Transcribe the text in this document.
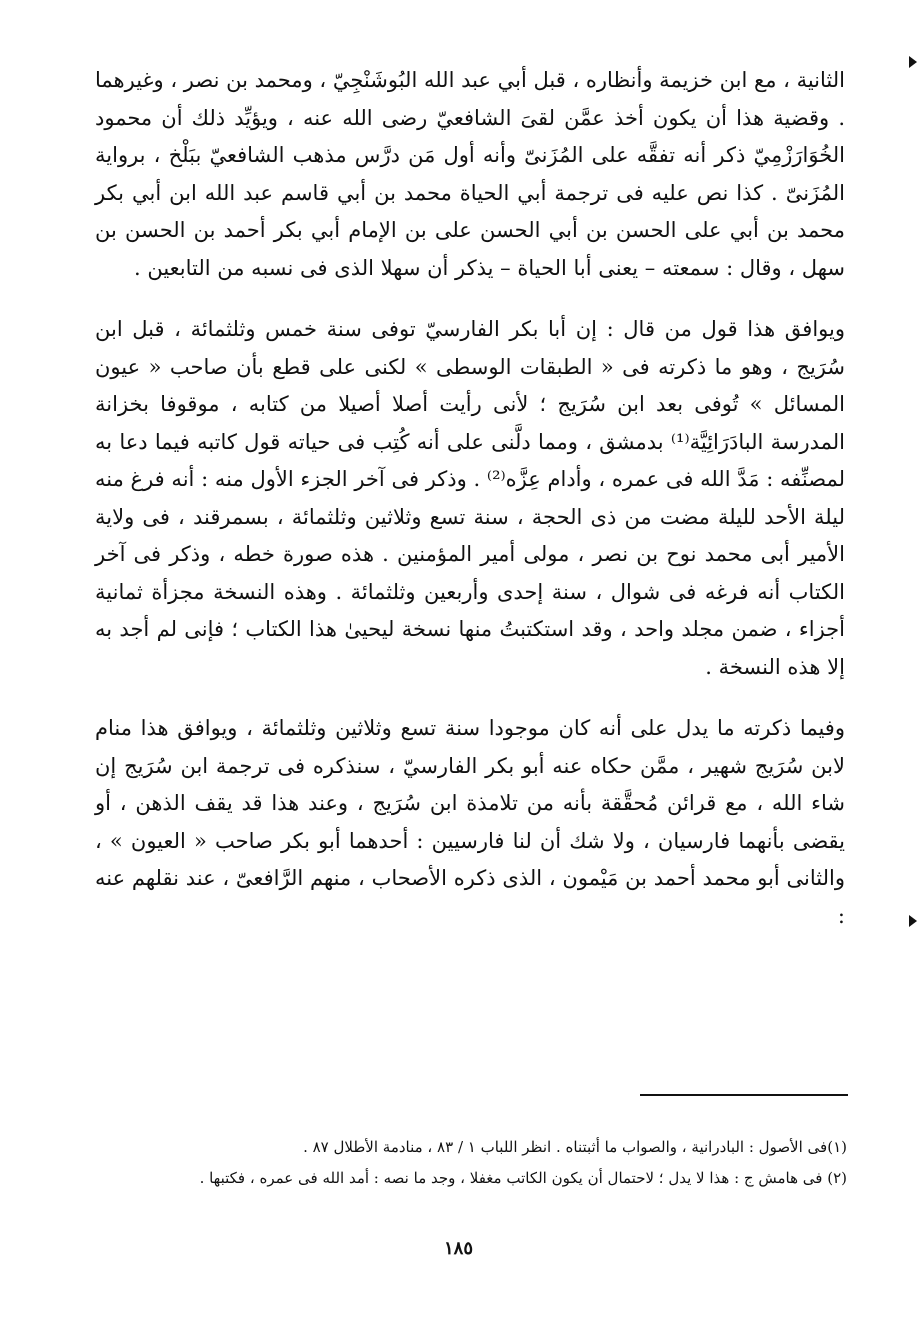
الثانية ، مع ابن خزيمة وأنظاره ، قبل أبي عبد الله البُوشَنْجِيّ ، ومحمد بن نصر ، وغيرهما . وقضية هذا أن يكون أخذ عمَّن لقىَ الشافعيّ رضى الله عنه ، ويؤيِّد ذلك أن محمود الخُوَارَزْمِيّ ذكر أنه تفقَّه على المُزَنىّ وأنه أول مَن درَّس مذهب الشافعيّ ببَلْخ ، برواية المُزَنىّ . كذا نص عليه فى ترجمة أبي الحياة محمد بن أبي قاسم عبد الله ابن أبي بكر محمد بن أبي على الحسن بن أبي الحسن على بن الإمام أبي بكر أحمد بن الحسن بن سهل ، وقال : سمعته – يعنى أبا الحياة – يذكر أن سهلا الذى فى نسبه من التابعين .

ويوافق هذا قول من قال : إن أبا بكر الفارسيّ توفى سنة خمس وثلثمائة ، قبل ابن سُرَيج ، وهو ما ذكرته فى « الطبقات الوسطى » لكنى على قطع بأن صاحب « عيون المسائل » تُوفى بعد ابن سُرَيج ؛ لأنى رأيت أصلا أصيلا من كتابه ، موقوفا بخزانة المدرسة البادَرَائِيَّة⁽¹⁾ بدمشق ، ومما دلَّنى على أنه كُتِب فى حياته قول كاتبه فيما دعا به لمصنِّفه : مَدَّ الله فى عمره ، وأدام عِزَّه⁽²⁾ . وذكر فى آخر الجزء الأول منه : أنه فرغ منه ليلة الأحد لليلة مضت من ذى الحجة ، سنة تسع وثلاثين وثلثمائة ، بسمرقند ، فى ولاية الأمير أبى محمد نوح بن نصر ، مولى أمير المؤمنين . هذه صورة خطه ، وذكر فى آخر الكتاب أنه فرغه فى شوال ، سنة إحدى وأربعين وثلثمائة . وهذه النسخة مجزأة ثمانية أجزاء ، ضمن مجلد واحد ، وقد استكتبتُ منها نسخة ليحيىٰ هذا الكتاب ؛ فإنى لم أجد به إلا هذه النسخة .

وفيما ذكرته ما يدل على أنه كان موجودا سنة تسع وثلاثين وثلثمائة ، ويوافق هذا منام لابن سُرَيج شهير ، ممَّن حكاه عنه أبو بكر الفارسيّ ، سنذكره فى ترجمة ابن سُرَيج إن شاء الله ، مع قرائن مُحقَّقة بأنه من تلامذة ابن سُرَيج ، وعند هذا قد يقف الذهن ، أو يقضى بأنهما فارسيان ، ولا شك أن لنا فارسيين : أحدهما أبو بكر صاحب « العيون » ، والثانى أبو محمد أحمد بن مَيْمون ، الذى ذكره الأصحاب ، منهم الرَّافعىّ ، عند نقلهم عنه :

(١)فى الأصول : البادرانية ، والصواب ما أثبتناه . انظر اللباب ١ / ٨٣ ، منادمة الأطلال ٨٧ .

(٢) فى هامش ج : هذا لا يدل ؛ لاحتمال أن يكون الكاتب مغفلا ، وجد ما نصه : أمد الله فى عمره ، فكتبها .

١٨٥
